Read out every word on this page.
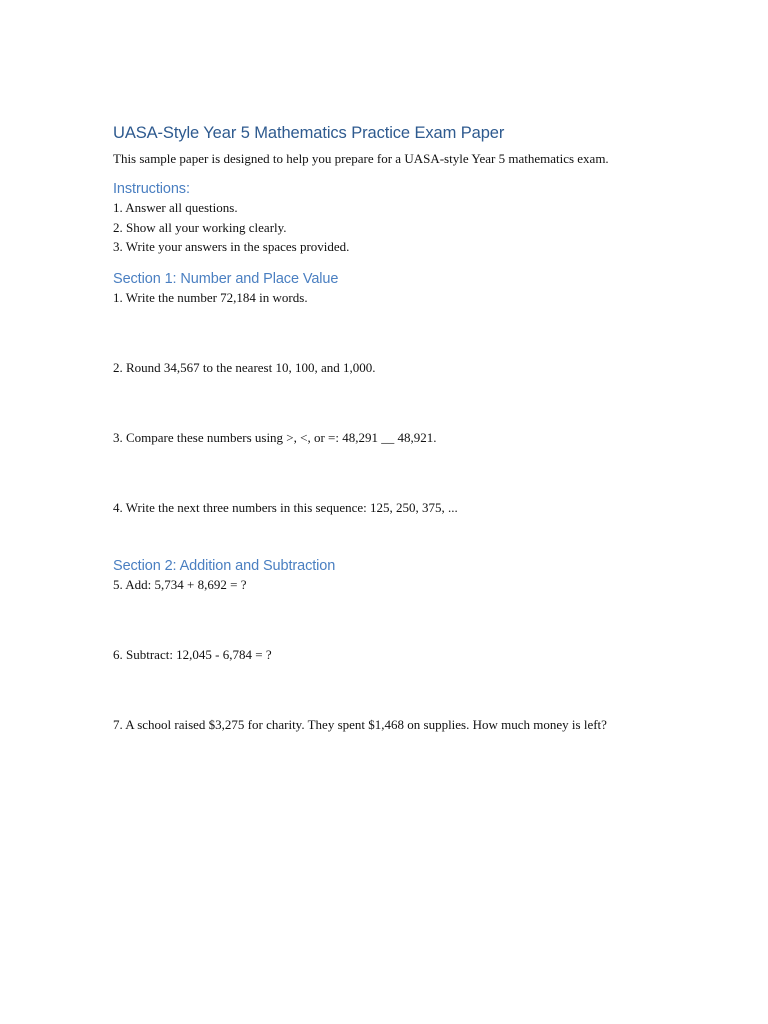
UASA-Style Year 5 Mathematics Practice Exam Paper

This sample paper is designed to help you prepare for a UASA-style Year 5 mathematics exam.

Instructions:

1. Answer all questions.

2. Show all your working clearly.

3. Write your answers in the spaces provided.

Section 1: Number and Place Value

1. Write the number 72,184 in words.

2. Round 34,567 to the nearest 10, 100, and 1,000.

3. Compare these numbers using >, <, or =: 48,291 __ 48,921.

4. Write the next three numbers in this sequence: 125, 250, 375, ...

Section 2: Addition and Subtraction

5. Add: 5,734 + 8,692 = ?

6. Subtract: 12,045 - 6,784 = ?

7. A school raised $3,275 for charity. They spent $1,468 on supplies. How much money is left?
